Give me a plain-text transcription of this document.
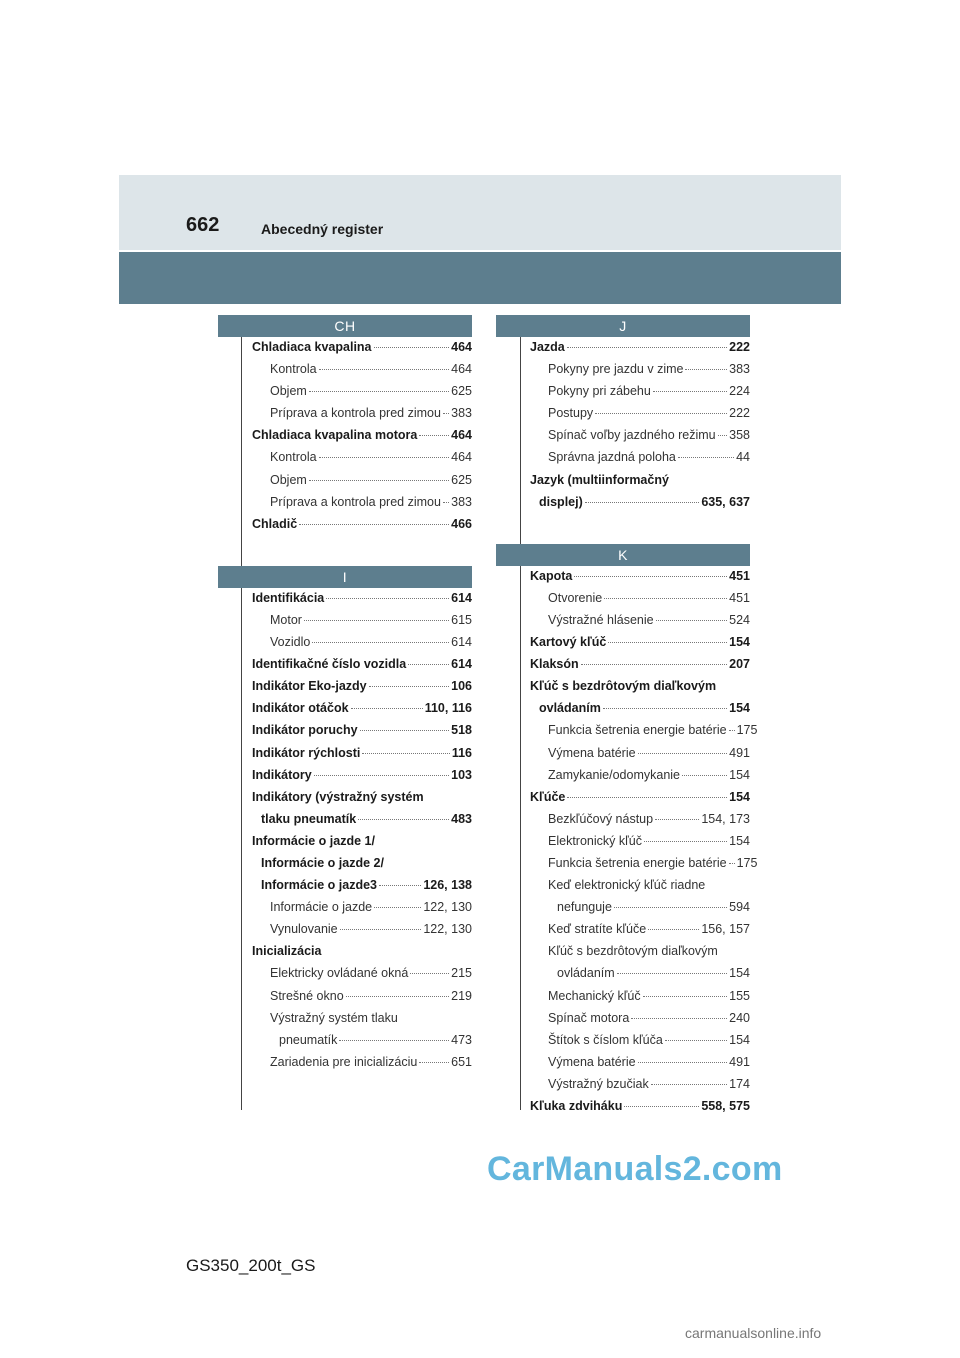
662	Abecedný register
CH
Chladiaca kvapalina	464
Kontrola	464
Objem	625
Príprava a kontrola pred zimou 383
Chladiaca kvapalina motora	464
Kontrola	464
Objem	625
Príprava a kontrola pred zimou 383
Chladič	466
I
Identifikácia	614
Motor	615
Vozidlo	614
Identifikačné číslo vozidla	614
Indikátor Eko-jazdy	106
Indikátor otáčok	110, 116
Indikátor poruchy	518
Indikátor rýchlosti	116
Indikátory	103
Indikátory (výstražný systém
tlaku pneumatík	483
Informácie o jazde 1/
Informácie o jazde 2/
Informácie o jazde3	126, 138
Informácie o jazde	122, 130
Vynulovanie	122, 130
Inicializácia
Elektricky ovládané okná	215
Strešné okno	219
Výstražný systém tlaku
pneumatík	473
Zariadenia pre inicializáciu	651
J
Jazda	222
Pokyny pre jazdu v zime	383
Pokyny pri zábehu	224
Postupy	222
Spínač voľby jazdného režimu 358
Správna jazdná poloha	44
Jazyk (multiinformačný
displej)	635, 637
K
Kapota	451
Otvorenie	451
Výstražné hlásenie	524
Kartový kľúč	154
Klaksón	207
Kľúč s bezdrôtovým diaľkovým
ovládaním	154
Funkcia šetrenia energie batérie 175
Výmena batérie	491
Zamykanie/odomykanie	154
Kľúče	154
Bezkľúčový nástup	154, 173
Elektronický kľúč	154
Funkcia šetrenia energie batérie 175
Keď elektronický kľúč riadne
nefunguje	594
Keď stratíte kľúče	156, 157
Kľúč s bezdrôtovým diaľkovým
ovládaním	154
Mechanický kľúč	155
Spínač motora	240
Štítok s číslom kľúča	154
Výmena batérie	491
Výstražný bzučiak	174
Kľuka zdviháku	558, 575
GS350_200t_GS
CarManuals2.com
carmanualsonline.info
